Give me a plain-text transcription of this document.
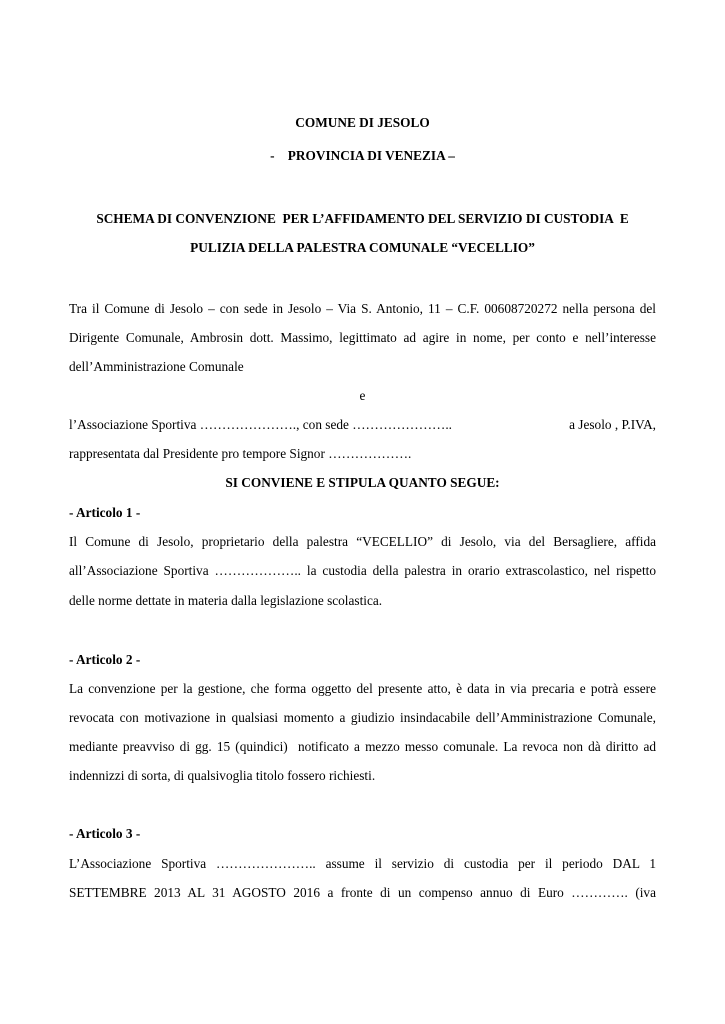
COMUNE DI JESOLO
-    PROVINCIA DI VENEZIA –
SCHEMA DI CONVENZIONE  PER L’AFFIDAMENTO DEL SERVIZIO DI CUSTODIA  E
PULIZIA DELLA PALESTRA COMUNALE “VECELLIO”
Tra il Comune di Jesolo – con sede in Jesolo – Via S. Antonio, 11 – C.F. 00608720272 nella persona del
Dirigente Comunale, Ambrosin dott. Massimo, legittimato ad agire in nome, per conto e nell’interesse
dell’Amministrazione Comunale
e
l’Associazione Sportiva …………………., con sede …………………..	a Jesolo , P.IVA,
rappresentata dal Presidente pro tempore Signor ……………….
SI CONVIENE E STIPULA QUANTO SEGUE:
- Articolo 1 -
Il Comune di Jesolo, proprietario della palestra “VECELLIO” di Jesolo, via del Bersagliere, affida
all’Associazione Sportiva ……………….. la custodia della palestra in orario extrascolastico, nel rispetto
delle norme dettate in materia dalla legislazione scolastica.
- Articolo 2 -
La convenzione per la gestione, che forma oggetto del presente atto, è data in via precaria e potrà essere
revocata con motivazione in qualsiasi momento a giudizio insindacabile dell’Amministrazione Comunale,
mediante preavviso di gg. 15 (quindici)  notificato a mezzo messo comunale. La revoca non dà diritto ad
indennizzi di sorta, di qualsivoglia titolo fossero richiesti.
- Articolo 3 -
L’Associazione Sportiva ………………….. assume il servizio di custodia per il periodo DAL 1
SETTEMBRE 2013 AL 31 AGOSTO 2016 a fronte di un compenso annuo di Euro …………. (iva
